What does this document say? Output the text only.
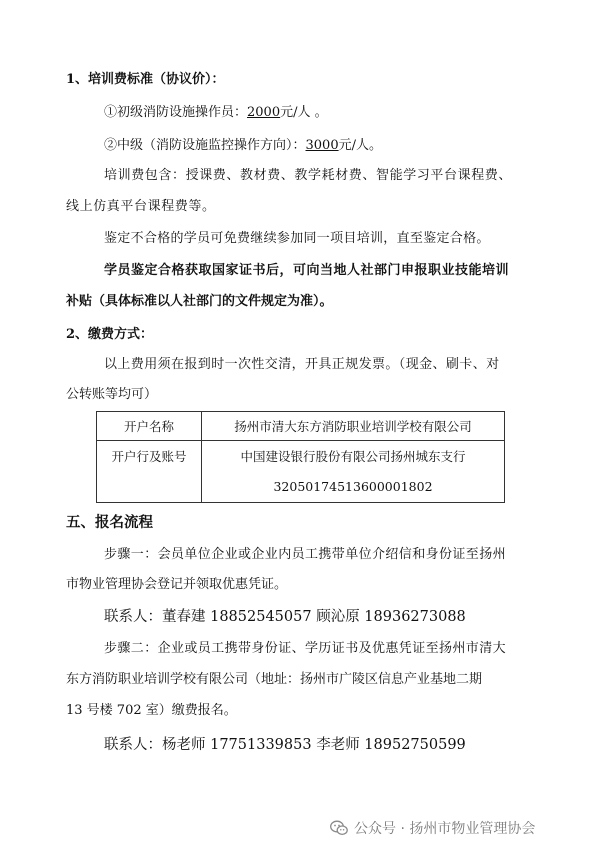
1、培训费标准（协议价）：
①初级消防设施操作员：2000元/人 。
②中级（消防设施监控操作方向）：3000元/人。
培训费包含：授课费、教材费、教学耗材费、智能学习平台课程费、
线上仿真平台课程费等。
鉴定不合格的学员可免费继续参加同一项目培训，直至鉴定合格。
学员鉴定合格获取国家证书后，可向当地人社部门申报职业技能培训
补贴（具体标准以人社部门的文件规定为准）。
2、缴费方式：
以上费用须在报到时一次性交清，开具正规发票。（现金、刷卡、对
公转账等均可）
开户名称	扬州市清大东方消防职业培训学校有限公司
开户行及账号	中国建设银行股份有限公司扬州城东支行
32050174513600001802
五、报名流程
步骤一：会员单位企业或企业内员工携带单位介绍信和身份证至扬州
市物业管理协会登记并领取优惠凭证。
联系人：董春建 18852545057 顾沁原 18936273088
步骤二：企业或员工携带身份证、学历证书及优惠凭证至扬州市清大
东方消防职业培训学校有限公司（地址：扬州市广陵区信息产业基地二期
13 号楼 702 室）缴费报名。
联系人：杨老师 17751339853 李老师 18952750599
公众号 · 扬州市物业管理协会
